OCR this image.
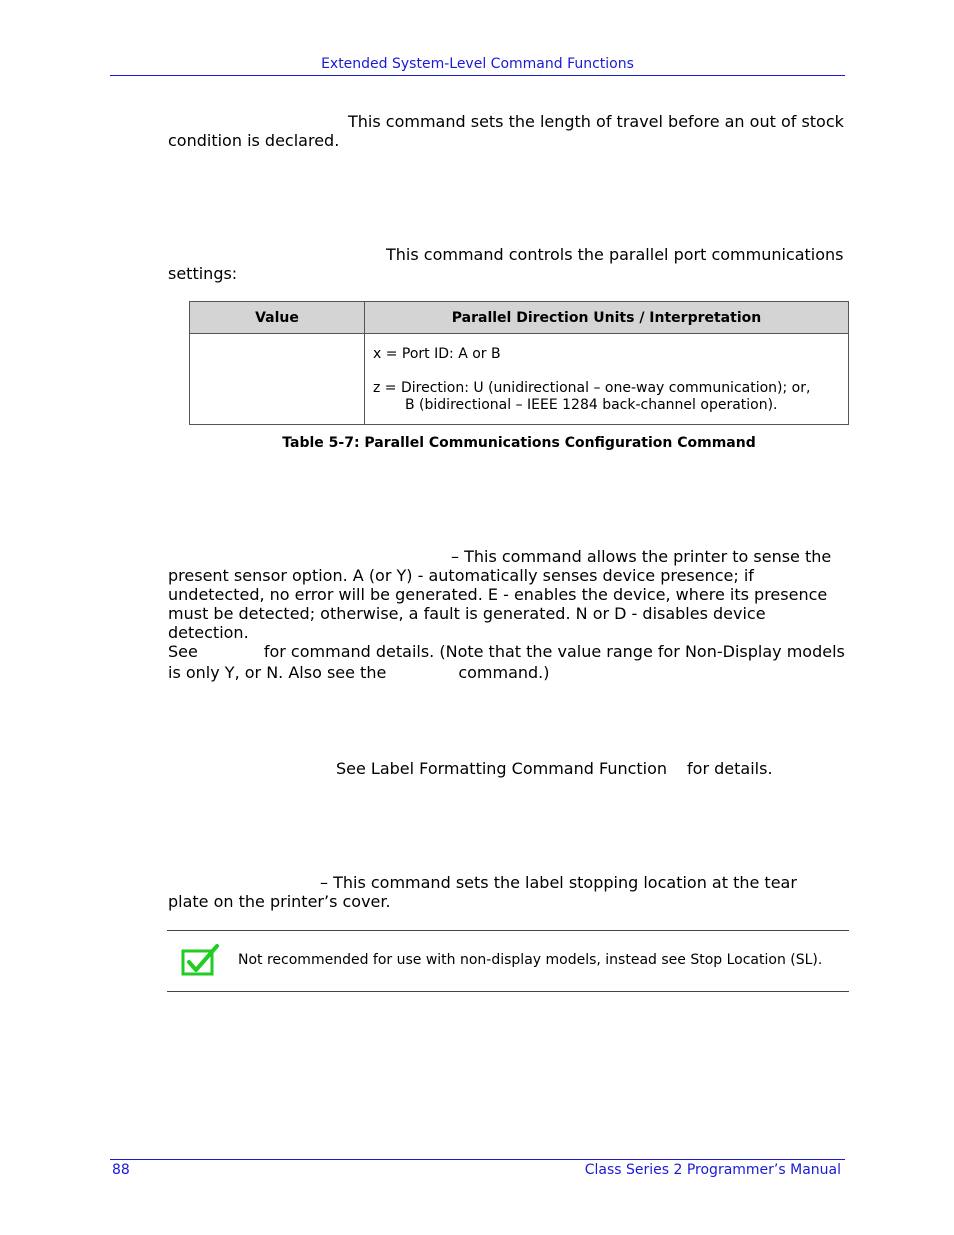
Extended System-Level Command Functions
This command sets the length of travel before an out of stock
condition is declared.
This command controls the parallel port communications
settings:
Value	Parallel Direction Units / Interpretation

	x = Port ID: A or B
z = Direction: U (unidirectional – one-way communication); or,
B (bidirectional – IEEE 1284 back-channel operation).
Table 5-7: Parallel Communications Configuration Command
– This command allows the printer to sense the
present sensor option. A (or Y) - automatically senses device presence; if
undetected, no error will be generated. E - enables the device, where its presence
must be detected; otherwise, a fault is generated. N or D - disables device detection.
See	for command details. (Note that the value range for Non-Display models
is only Y, or N. Also see the	command.)
See Label Formatting Command Function for details.
– This command sets the label stopping location at the tear
plate on the printer’s cover.
Not recommended for use with non-display models, instead see Stop Location (SL).
88	Class Series 2 Programmer’s Manual
